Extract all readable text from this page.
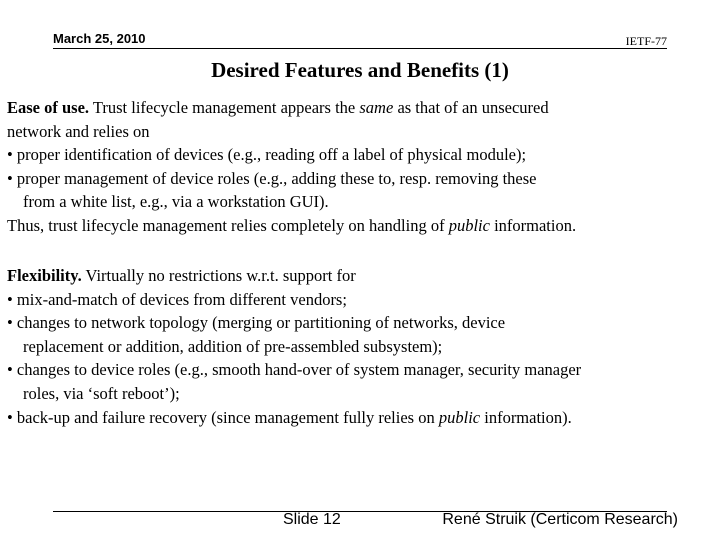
March 25, 2010	IETF-77
Desired Features and Benefits (1)
Ease of use. Trust lifecycle management appears the same as that of an unsecured
network and relies on
• proper identification of devices (e.g., reading off a label of physical module);
• proper management of device roles (e.g., adding these to, resp. removing these
from a white list, e.g., via a workstation GUI).
Thus, trust lifecycle management relies completely on handling of public information.
Flexibility. Virtually no restrictions w.r.t. support for
• mix-and-match of devices from different vendors;
• changes to network topology (merging or partitioning of networks, device
replacement or addition, addition of pre-assembled subsystem);
• changes to device roles (e.g., smooth hand-over of system manager, security manager
roles, via ‘soft reboot’);
• back-up and failure recovery (since management fully relies on public information).
Slide 12	René Struik (Certicom Research)
